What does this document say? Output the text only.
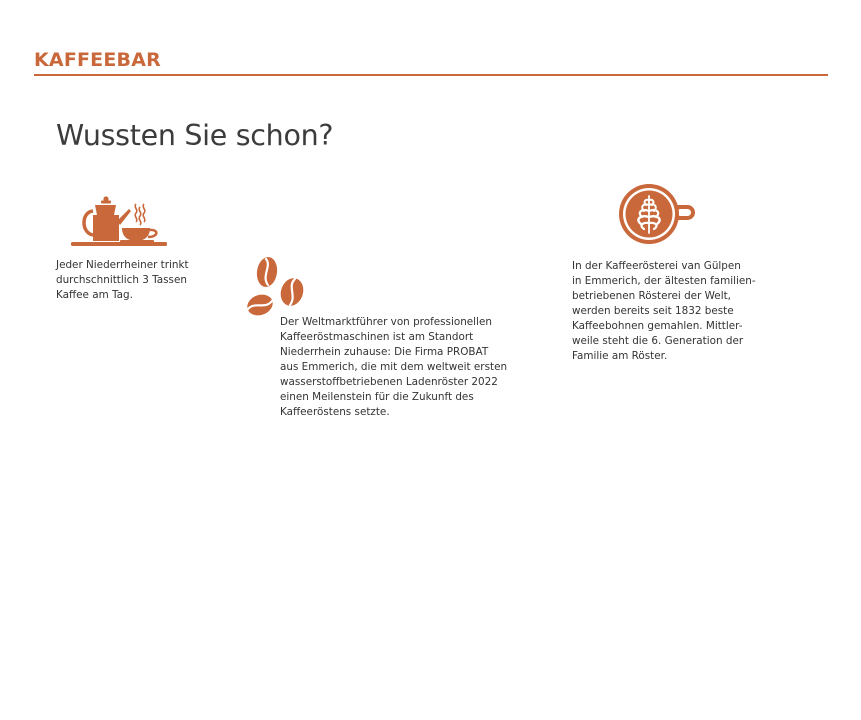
KAFFEEBAR
Wussten Sie schon?

Jeder Niederrheiner trinkt
durchschnittlich 3 Tassen
Kaffee am Tag.

Der Weltmarktführer von professionellen
Kaffeeröstmaschinen ist am Standort
Niederrhein zuhause: Die Firma PROBAT
aus Emmerich, die mit dem weltweit ersten
wasserstoffbetriebenen Ladenröster 2022
einen Meilenstein für die Zukunft des
Kaffeeröstens setzte.

In der Kaffeerösterei van Gülpen
in Emmerich, der ältesten familien-
betriebenen Rösterei der Welt,
werden bereits seit 1832 beste
Kaffeebohnen gemahlen. Mittler-
weile steht die 6. Generation der
Familie am Röster.
